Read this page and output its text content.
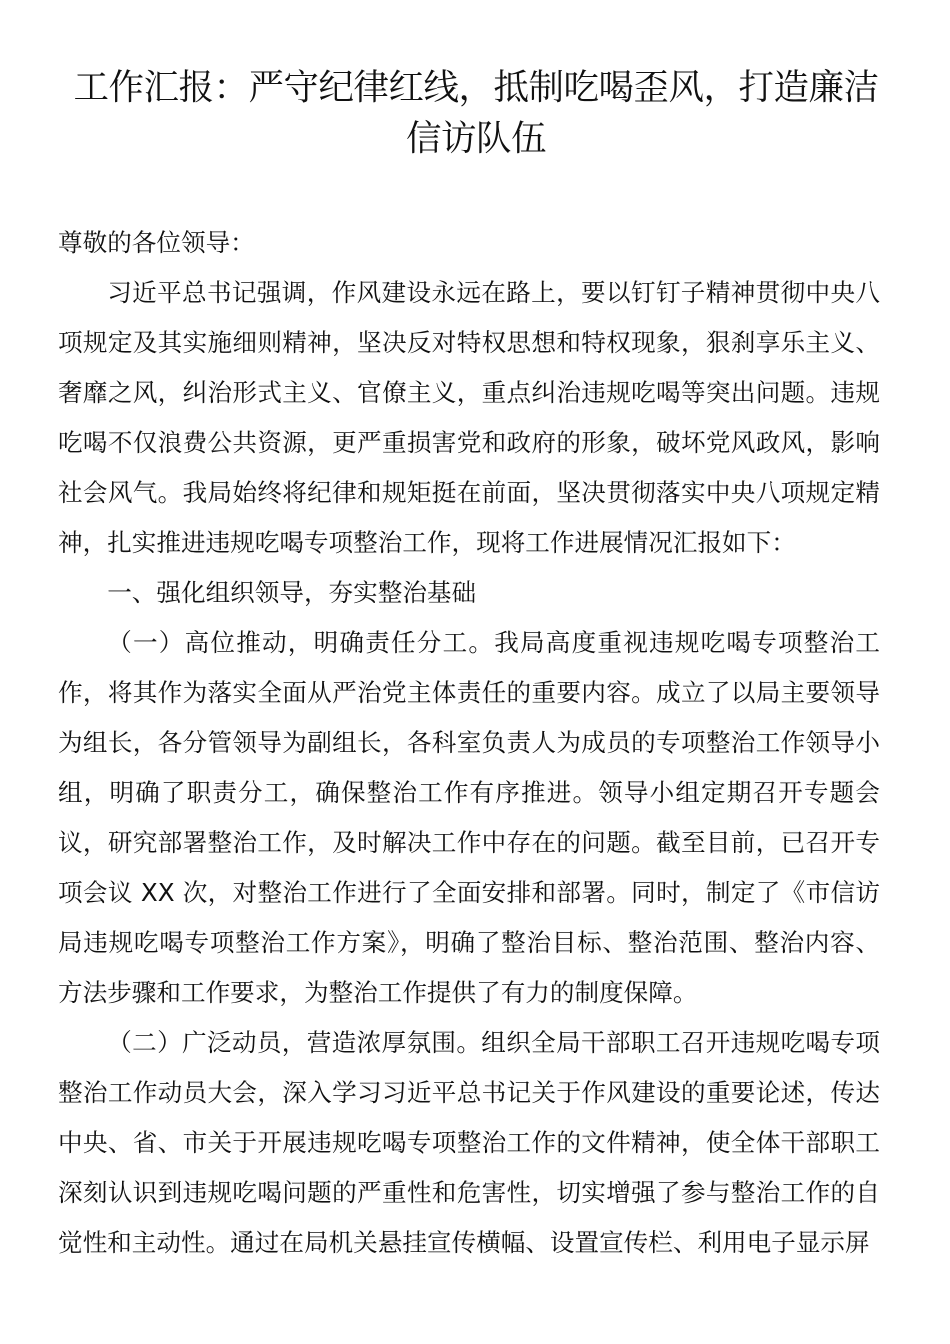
工作汇报：严守纪律红线，抵制吃喝歪风，打造廉洁信访队伍

尊敬的各位领导：

习近平总书记强调，作风建设永远在路上，要以钉钉子精神贯彻中央八项规定及其实施细则精神，坚决反对特权思想和特权现象，狠刹享乐主义、奢靡之风，纠治形式主义、官僚主义，重点纠治违规吃喝等突出问题。违规吃喝不仅浪费公共资源，更严重损害党和政府的形象，破坏党风政风，影响社会风气。我局始终将纪律和规矩挺在前面，坚决贯彻落实中央八项规定精神，扎实推进违规吃喝专项整治工作，现将工作进展情况汇报如下：

一、强化组织领导，夯实整治基础

（一）高位推动，明确责任分工。我局高度重视违规吃喝专项整治工作，将其作为落实全面从严治党主体责任的重要内容。成立了以局主要领导为组长，各分管领导为副组长，各科室负责人为成员的专项整治工作领导小组，明确了职责分工，确保整治工作有序推进。领导小组定期召开专题会议，研究部署整治工作，及时解决工作中存在的问题。截至目前，已召开专项会议 XX 次，对整治工作进行了全面安排和部署。同时，制定了《市信访局违规吃喝专项整治工作方案》，明确了整治目标、整治范围、整治内容、方法步骤和工作要求，为整治工作提供了有力的制度保障。

（二）广泛动员，营造浓厚氛围。组织全局干部职工召开违规吃喝专项整治工作动员大会，深入学习习近平总书记关于作风建设的重要论述，传达中央、省、市关于开展违规吃喝专项整治工作的文件精神，使全体干部职工深刻认识到违规吃喝问题的严重性和危害性，切实增强了参与整治工作的自觉性和主动性。通过在局机关悬挂宣传横幅、设置宣传栏、利用电子显示屏
